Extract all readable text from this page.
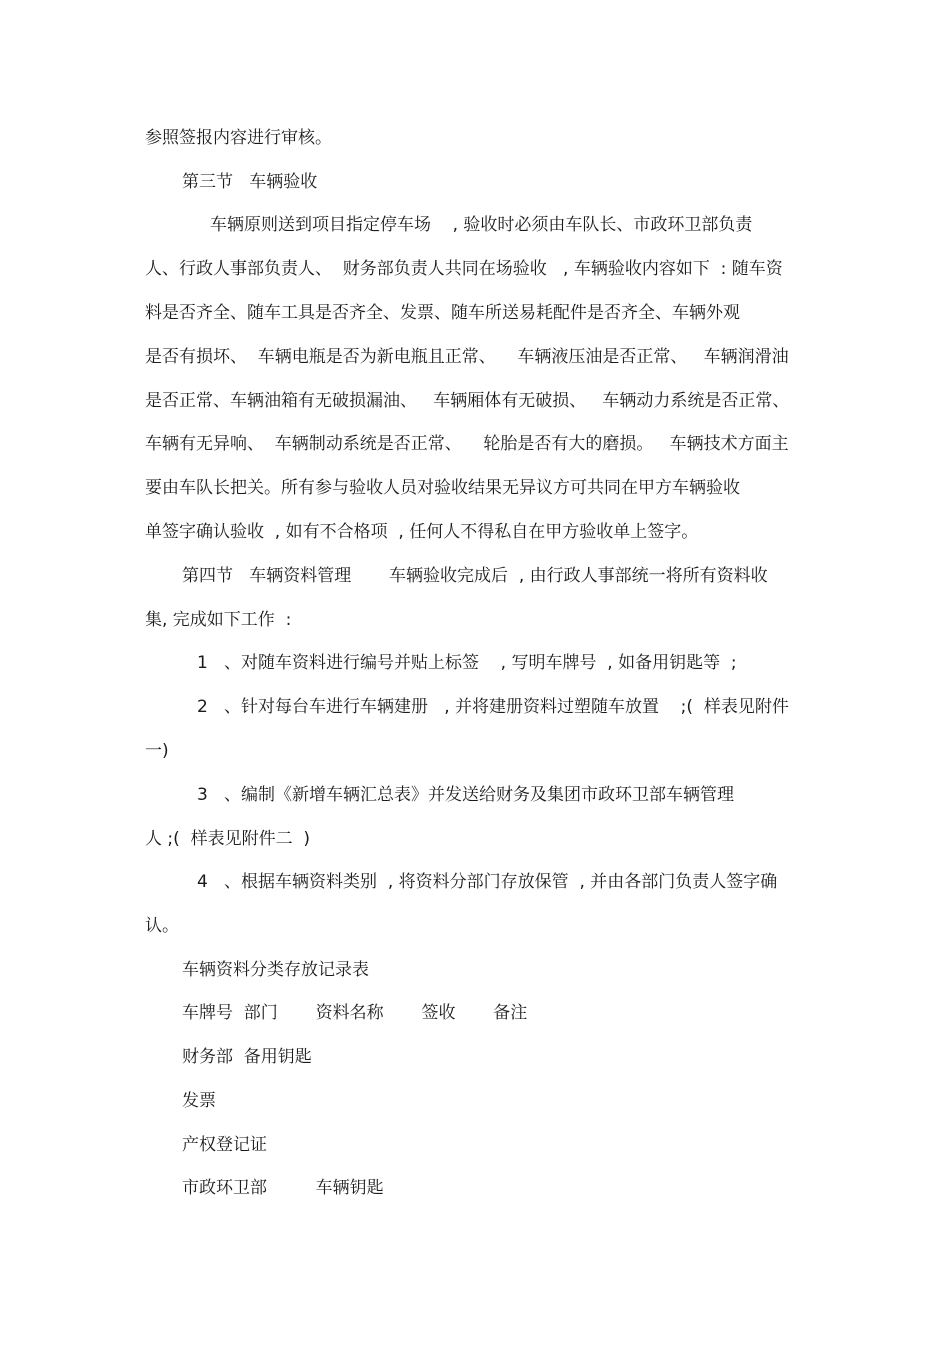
参照签报内容进行审核。
第三节   车辆验收
车辆原则送到项目指定停车场    , 验收时必须由车队长、市政环卫部负责
人、行政人事部负责人、  财务部负责人共同在场验收   , 车辆验收内容如下  : 随车资
料是否齐全、随车工具是否齐全、发票、随车所送易耗配件是否齐全、车辆外观
是否有损坏、  车辆电瓶是否为新电瓶且正常、    车辆液压油是否正常、   车辆润滑油
是否正常、车辆油箱有无破损漏油、   车辆厢体有无破损、   车辆动力系统是否正常、
车辆有无异响、  车辆制动系统是否正常、    轮胎是否有大的磨损。   车辆技术方面主
要由车队长把关。所有参与验收人员对验收结果无异议方可共同在甲方车辆验收
单签字确认验收  , 如有不合格项  , 任何人不得私自在甲方验收单上签字。
第四节   车辆资料管理       车辆验收完成后  , 由行政人事部统一将所有资料收
集, 完成如下工作  :
1   、对随车资料进行编号并贴上标签    , 写明车牌号  , 如备用钥匙等  ;
2   、针对每台车进行车辆建册   , 并将建册资料过塑随车放置    ;(  样表见附件
一)
3   、编制《新增车辆汇总表》并发送给财务及集团市政环卫部车辆管理
人 ;(  样表见附件二  )
4   、根据车辆资料类别  , 将资料分部门存放保管  , 并由各部门负责人签字确
认。
车辆资料分类存放记录表
车牌号  部门       资料名称       签收       备注
财务部  备用钥匙
发票
产权登记证
市政环卫部         车辆钥匙
